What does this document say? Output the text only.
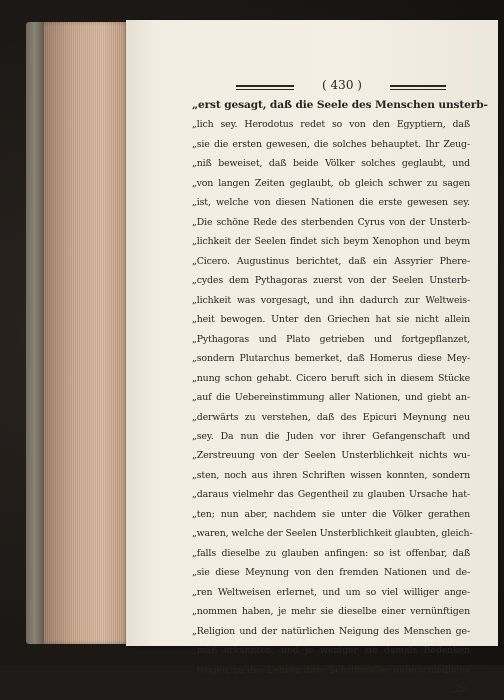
( 430 )
„erst gesagt, daß die Seele des Menschen unsterb-
„lich sey. Herodotus redet so von den Egyptiern, daß
„sie die ersten gewesen, die solches behauptet. Ihr Zeug-
„niß beweiset, daß beide Völker solches geglaubt, und
„von langen Zeiten geglaubt, ob gleich schwer zu sagen
„ist, welche von diesen Nationen die erste gewesen sey.
„Die schöne Rede des sterbenden Cyrus von der Unsterb-
„lichkeit der Seelen findet sich beym Xenophon und beym
„Cicero. Augustinus berichtet, daß ein Assyrier Phere-
„cydes dem Pythagoras zuerst von der Seelen Unsterb-
„lichkeit was vorgesagt, und ihn dadurch zur Weltweis-
„heit bewogen. Unter den Griechen hat sie nicht allein
„Pythagoras und Plato getrieben und fortgepflanzet,
„sondern Plutarchus bemerket, daß Homerus diese Mey-
„nung schon gehabt. Cicero beruft sich in diesem Stücke
„auf die Uebereinstimmung aller Nationen, und giebt an-
„derwärts zu verstehen, daß des Epicuri Meynung neu
„sey. Da nun die Juden vor ihrer Gefangenschaft und
„Zerstreuung von der Seelen Unsterblichkeit nichts wu-
„sten, noch aus ihren Schriften wissen konnten, sondern
„daraus vielmehr das Gegentheil zu glauben Ursache hat-
„ten; nun aber, nachdem sie unter die Völker gerathen
„waren, welche der Seelen Unsterblichkeit glaubten, gleich-
„falls dieselbe zu glauben anfingen: so ist offenbar, daß
„sie diese Meynung von den fremden Nationen und de-
„ren Weltweisen erlernet, und um so viel williger ange-
„nommen haben, je mehr sie dieselbe einer vernünftigen
„Religion und der natürlichen Neigung des Menschen ge-
„mäß erkannten, und je weniger sie damals Bedenken
„trugen, zu den Lehren ihrer Schriftsteller unterschiedliche
„Zu-
